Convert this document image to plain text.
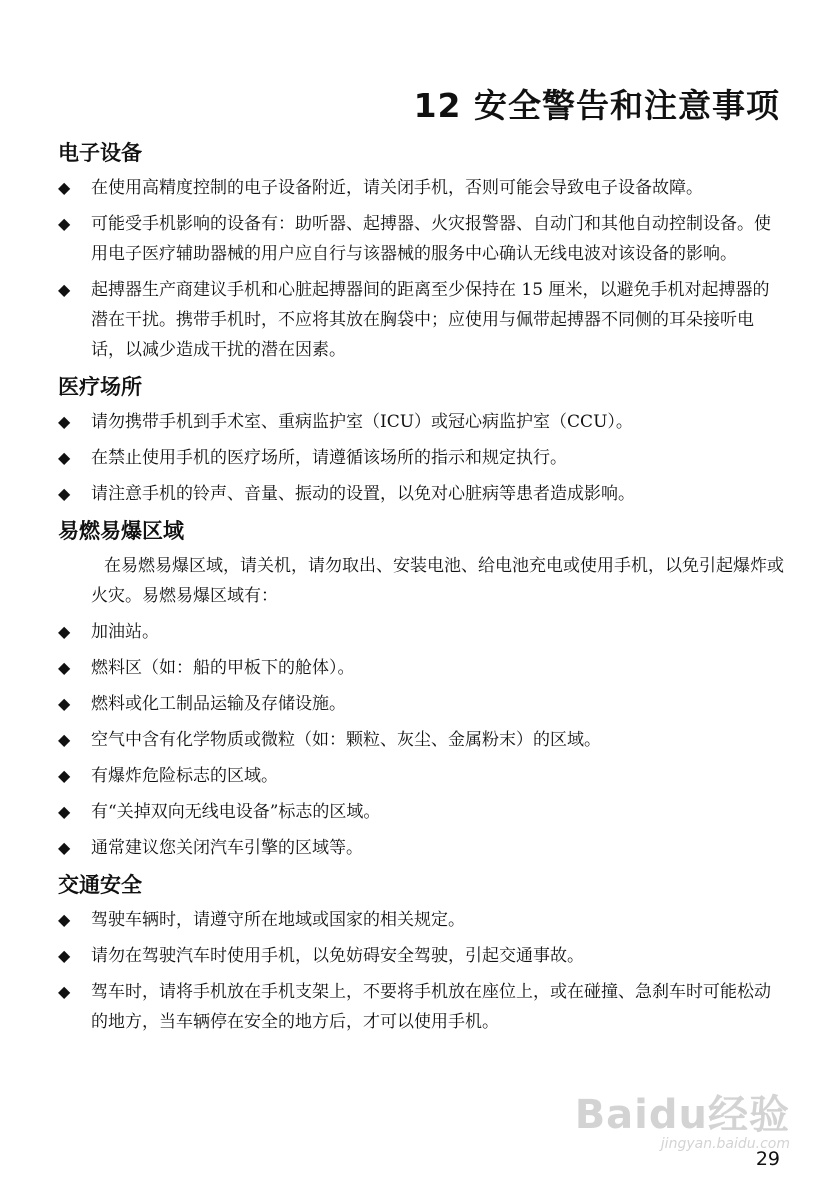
12 安全警告和注意事项
电子设备
◆ 在使用高精度控制的电子设备附近，请关闭手机，否则可能会导致电子设备故障。
◆ 可能受手机影响的设备有：助听器、起搏器、火灾报警器、自动门和其他自动控制设备。使用电子医疗辅助器械的用户应自行与该器械的服务中心确认无线电波对该设备的影响。
◆ 起搏器生产商建议手机和心脏起搏器间的距离至少保持在 15 厘米，以避免手机对起搏器的潜在干扰。携带手机时，不应将其放在胸袋中；应使用与佩带起搏器不同侧的耳朵接听电话，以减少造成干扰的潜在因素。
医疗场所
◆ 请勿携带手机到手术室、重病监护室（ICU）或冠心病监护室（CCU）。
◆ 在禁止使用手机的医疗场所，请遵循该场所的指示和规定执行。
◆ 请注意手机的铃声、音量、振动的设置，以免对心脏病等患者造成影响。
易燃易爆区域
在易燃易爆区域，请关机，请勿取出、安装电池、给电池充电或使用手机，以免引起爆炸或火灾。易燃易爆区域有：
◆ 加油站。
◆ 燃料区（如：船的甲板下的舱体）。
◆ 燃料或化工制品运输及存储设施。
◆ 空气中含有化学物质或微粒（如：颗粒、灰尘、金属粉末）的区域。
◆ 有爆炸危险标志的区域。
◆ 有“关掉双向无线电设备”标志的区域。
◆ 通常建议您关闭汽车引擎的区域等。
交通安全
◆ 驾驶车辆时，请遵守所在地域或国家的相关规定。
◆ 请勿在驾驶汽车时使用手机，以免妨碍安全驾驶，引起交通事故。
◆ 驾车时，请将手机放在手机支架上，不要将手机放在座位上，或在碰撞、急刹车时可能松动的地方，当车辆停在安全的地方后，才可以使用手机。
Baidu经验
jingyan.baidu.com
29
